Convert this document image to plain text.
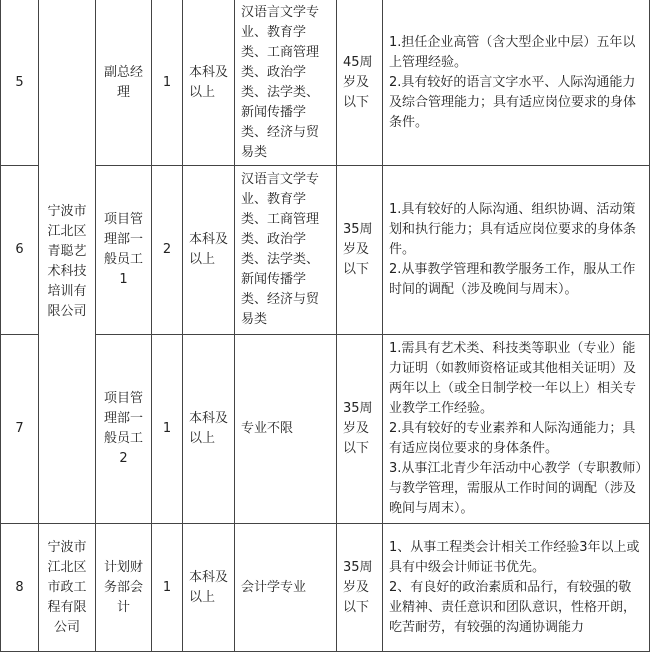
5	宁波市江北区青聪艺术科技培训有限公司	副总经理	1	本科及以上	汉语言文学专业、教育学类、工商管理类、政治学类、法学类、新闻传播学类、经济与贸易类	45周岁及以下	1.担任企业高管（含大型企业中层）五年以上管理经验。
2.具有较好的语言文字水平、人际沟通能力及综合管理能力；具有适应岗位要求的身体条件。

6		项目管理部一般员工1	2	本科及以上	汉语言文学专业、教育学类、工商管理类、政治学类、法学类、新闻传播学类、经济与贸易类	35周岁及以下	1.具有较好的人际沟通、组织协调、活动策划和执行能力；具有适应岗位要求的身体条件。
2.从事教学管理和教学服务工作，服从工作时间的调配（涉及晚间与周末）。

7		项目管理部一般员工2	1	本科及以上	专业不限	35周岁及以下	1.需具有艺术类、科技类等职业（专业）能力证明（如教师资格证或其他相关证明）及两年以上（或全日制学校一年以上）相关专业教学工作经验。
2.具有较好的专业素养和人际沟通能力；具有适应岗位要求的身体条件。
3.从事江北青少年活动中心教学（专职教师）与教学管理，需服从工作时间的调配（涉及晚间与周末）。

8	宁波市江北区市政工程有限公司	计划财务部会计	1	本科及以上	会计学专业	35周岁及以下	1、从事工程类会计相关工作经验3年以上或具有中级会计师证书优先。
2、有良好的政治素质和品行，有较强的敬业精神、责任意识和团队意识，性格开朗，吃苦耐劳，有较强的沟通协调能力
